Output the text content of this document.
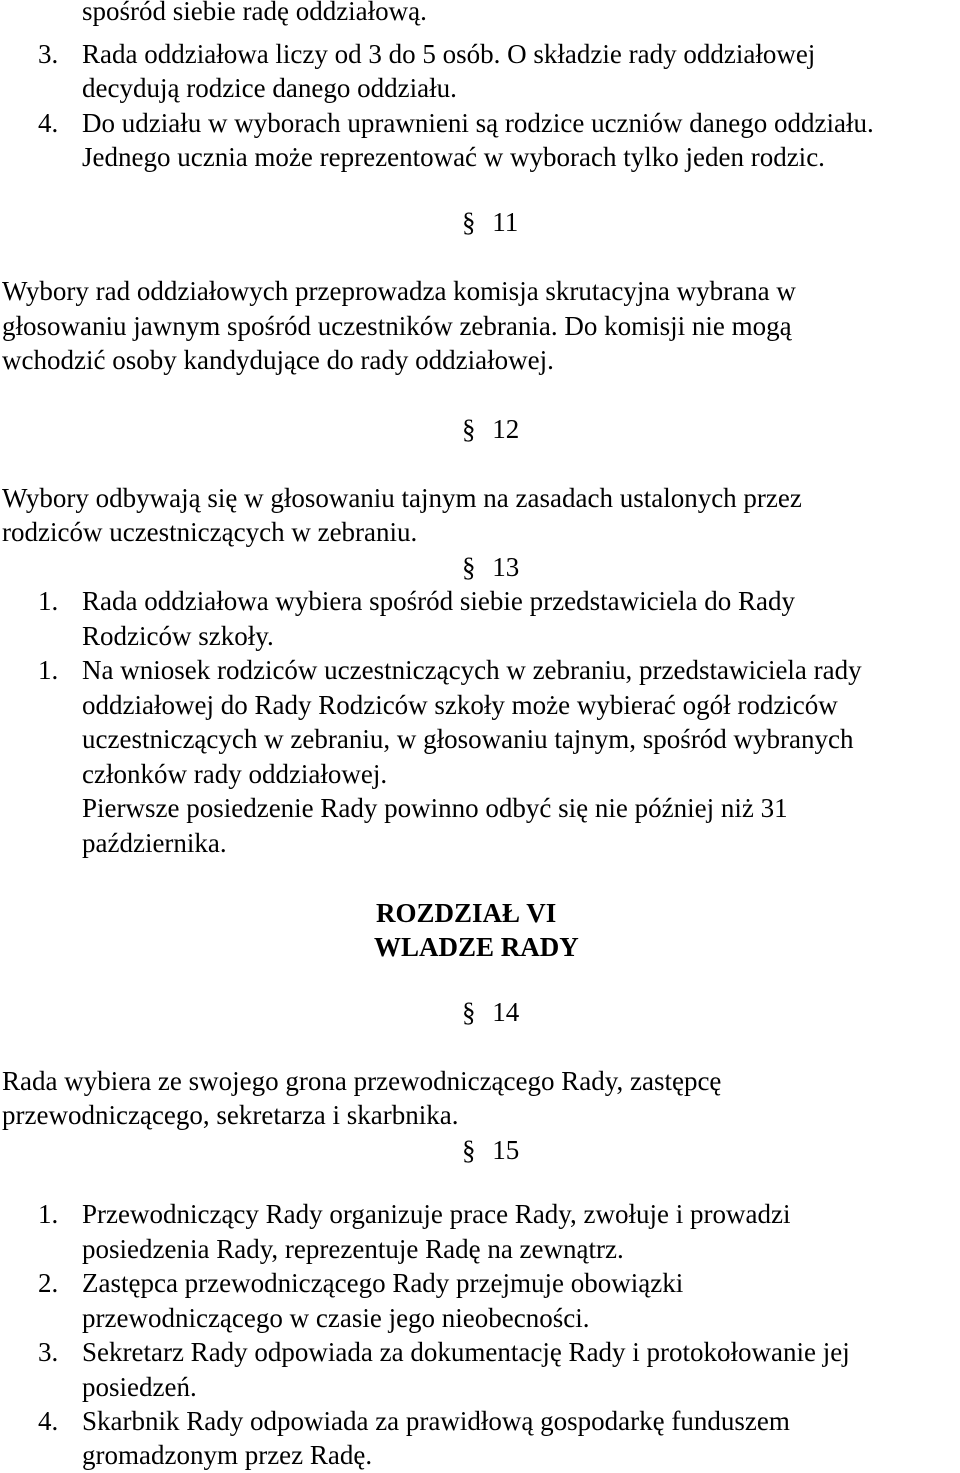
spośród siebie radę oddziałową.
3. Rada oddziałowa liczy od 3 do 5 osób. O składzie rady oddziałowej
decydują rodzice danego oddziału.
4. Do udziału w wyborach uprawnieni są rodzice uczniów danego oddziału.
Jednego ucznia może reprezentować w wyborach tylko jeden rodzic.
§ 11
Wybory rad oddziałowych przeprowadza komisja skrutacyjna wybrana w
głosowaniu jawnym spośród uczestników zebrania. Do komisji nie mogą
wchodzić osoby kandydujące do rady oddziałowej.
§ 12
Wybory odbywają się w głosowaniu tajnym na zasadach ustalonych przez
rodziców uczestniczących w zebraniu.
§ 13
1. Rada oddziałowa wybiera spośród siebie przedstawiciela do Rady
Rodziców szkoły.
1. Na wniosek rodziców uczestniczących w zebraniu, przedstawiciela rady
oddziałowej do Rady Rodziców szkoły może wybierać ogół rodziców
uczestniczących w zebraniu, w głosowaniu tajnym, spośród wybranych
członków rady oddziałowej.
Pierwsze posiedzenie Rady powinno odbyć się nie później niż 31
października.
ROZDZIAŁ VI
WLADZE RADY
§ 14
Rada wybiera ze swojego grona przewodniczącego Rady, zastępcę
przewodniczącego, sekretarza i skarbnika.
§ 15
1. Przewodniczący Rady organizuje prace Rady, zwołuje i prowadzi
posiedzenia Rady, reprezentuje Radę na zewnątrz.
2. Zastępca przewodniczącego Rady przejmuje obowiązki
przewodniczącego w czasie jego nieobecności.
3. Sekretarz Rady odpowiada za dokumentację Rady i protokołowanie jej
posiedzeń.
4. Skarbnik Rady odpowiada za prawidłową gospodarkę funduszem
gromadzonym przez Radę.
